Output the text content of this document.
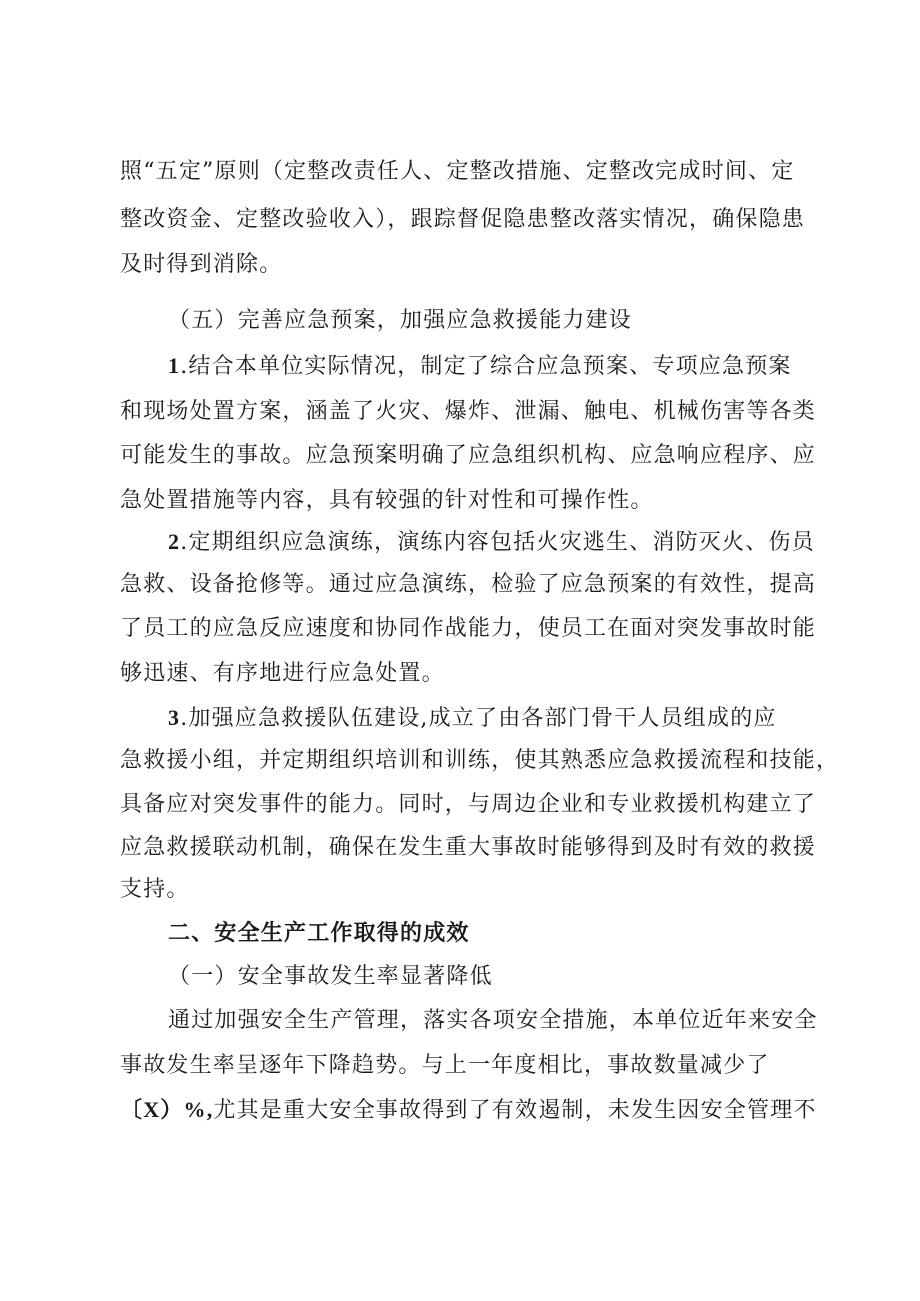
照“五定”原则（定整改责任人、定整改措施、定整改完成时间、定
整改资金、定整改验收入），跟踪督促隐患整改落实情况，确保隐患
及时得到消除。
（五）完善应急预案，加强应急救援能力建设
1.结合本单位实际情况，制定了综合应急预案、专项应急预案
和现场处置方案，涵盖了火灾、爆炸、泄漏、触电、机械伤害等各类
可能发生的事故。应急预案明确了应急组织机构、应急响应程序、应
急处置措施等内容，具有较强的针对性和可操作性。
2.定期组织应急演练，演练内容包括火灾逃生、消防灭火、伤员
急救、设备抢修等。通过应急演练，检验了应急预案的有效性，提高
了员工的应急反应速度和协同作战能力，使员工在面对突发事故时能
够迅速、有序地进行应急处置。
3.加强应急救援队伍建设,成立了由各部门骨干人员组成的应
急救援小组，并定期组织培训和训练，使其熟悉应急救援流程和技能，
具备应对突发事件的能力。同时，与周边企业和专业救援机构建立了
应急救援联动机制，确保在发生重大事故时能够得到及时有效的救援
支持。
二、安全生产工作取得的成效
（一）安全事故发生率显著降低
通过加强安全生产管理，落实各项安全措施，本单位近年来安全
事故发生率呈逐年下降趋势。与上一年度相比，事故数量减少了
〔X）%,尤其是重大安全事故得到了有效遏制，未发生因安全管理不
